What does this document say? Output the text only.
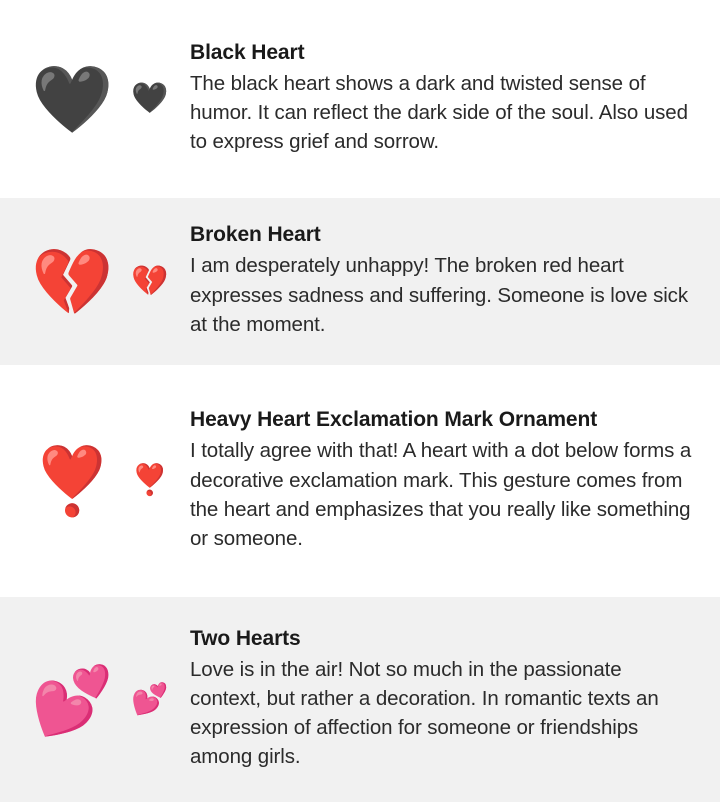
🖤 🖤

Black Heart

The black heart shows a dark and twisted sense of humor. It can reflect the dark side of the soul. Also used to express grief and sorrow.

💔 💔

Broken Heart

I am desperately unhappy! The broken red heart expresses sadness and suffering. Someone is love sick at the moment.

❣️ ❣️

Heavy Heart Exclamation Mark Ornament

I totally agree with that! A heart with a dot below forms a decorative exclamation mark. This gesture comes from the heart and emphasizes that you really like something or someone.

💕 💕

Two Hearts

Love is in the air! Not so much in the passionate context, but rather a decoration. In romantic texts an expression of affection for someone or friendships among girls.
